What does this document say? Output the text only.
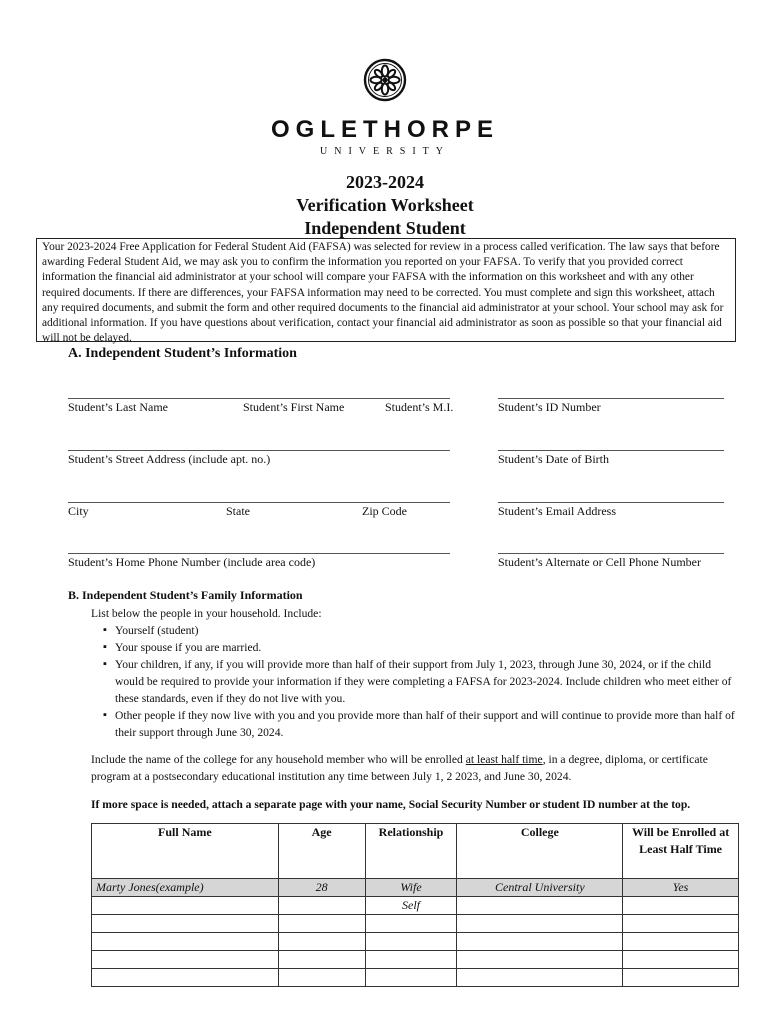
OGLETHORPE
UNIVERSITY
2023-2024
Verification Worksheet
Independent Student
Your 2023-2024 Free Application for Federal Student Aid (FAFSA) was selected for review in a process called verification. The law says that before awarding Federal Student Aid, we may ask you to confirm the information you reported on your FAFSA. To verify that you provided correct information the financial aid administrator at your school will compare your FAFSA with the information on this worksheet and with any other required documents. If there are differences, your FAFSA information may need to be corrected. You must complete and sign this worksheet, attach any required documents, and submit the form and other required documents to the financial aid administrator at your school. Your school may ask for additional information. If you have questions about verification, contact your financial aid administrator as soon as possible so that your financial aid will not be delayed.
A. Independent Student’s Information
Student’s Last Name	Student’s First Name	Student’s M.I.	Student’s ID Number
Student’s Street Address (include apt. no.)	Student’s Date of Birth
City	State	Zip Code	Student’s Email Address
Student’s Home Phone Number (include area code)	Student’s Alternate or Cell Phone Number
B. Independent Student’s Family Information
List below the people in your household. Include:
▪ Yourself (student)
▪ Your spouse if you are married.
▪ Your children, if any, if you will provide more than half of their support from July 1, 2023, through June 30, 2024, or if the child would be required to provide your information if they were completing a FAFSA for 2023-2024. Include children who meet either of these standards, even if they do not live with you.
▪ Other people if they now live with you and you provide more than half of their support and will continue to provide more than half of their support through June 30, 2024.
Include the name of the college for any household member who will be enrolled at least half time, in a degree, diploma, or certificate program at a postsecondary educational institution any time between July 1, 2 2023, and June 30, 2024.
If more space is needed, attach a separate page with your name, Social Security Number or student ID number at the top.
Full Name	Age	Relationship	College	Will be Enrolled at Least Half Time
Marty Jones(example)	28	Wife	Central University	Yes
		Self		
